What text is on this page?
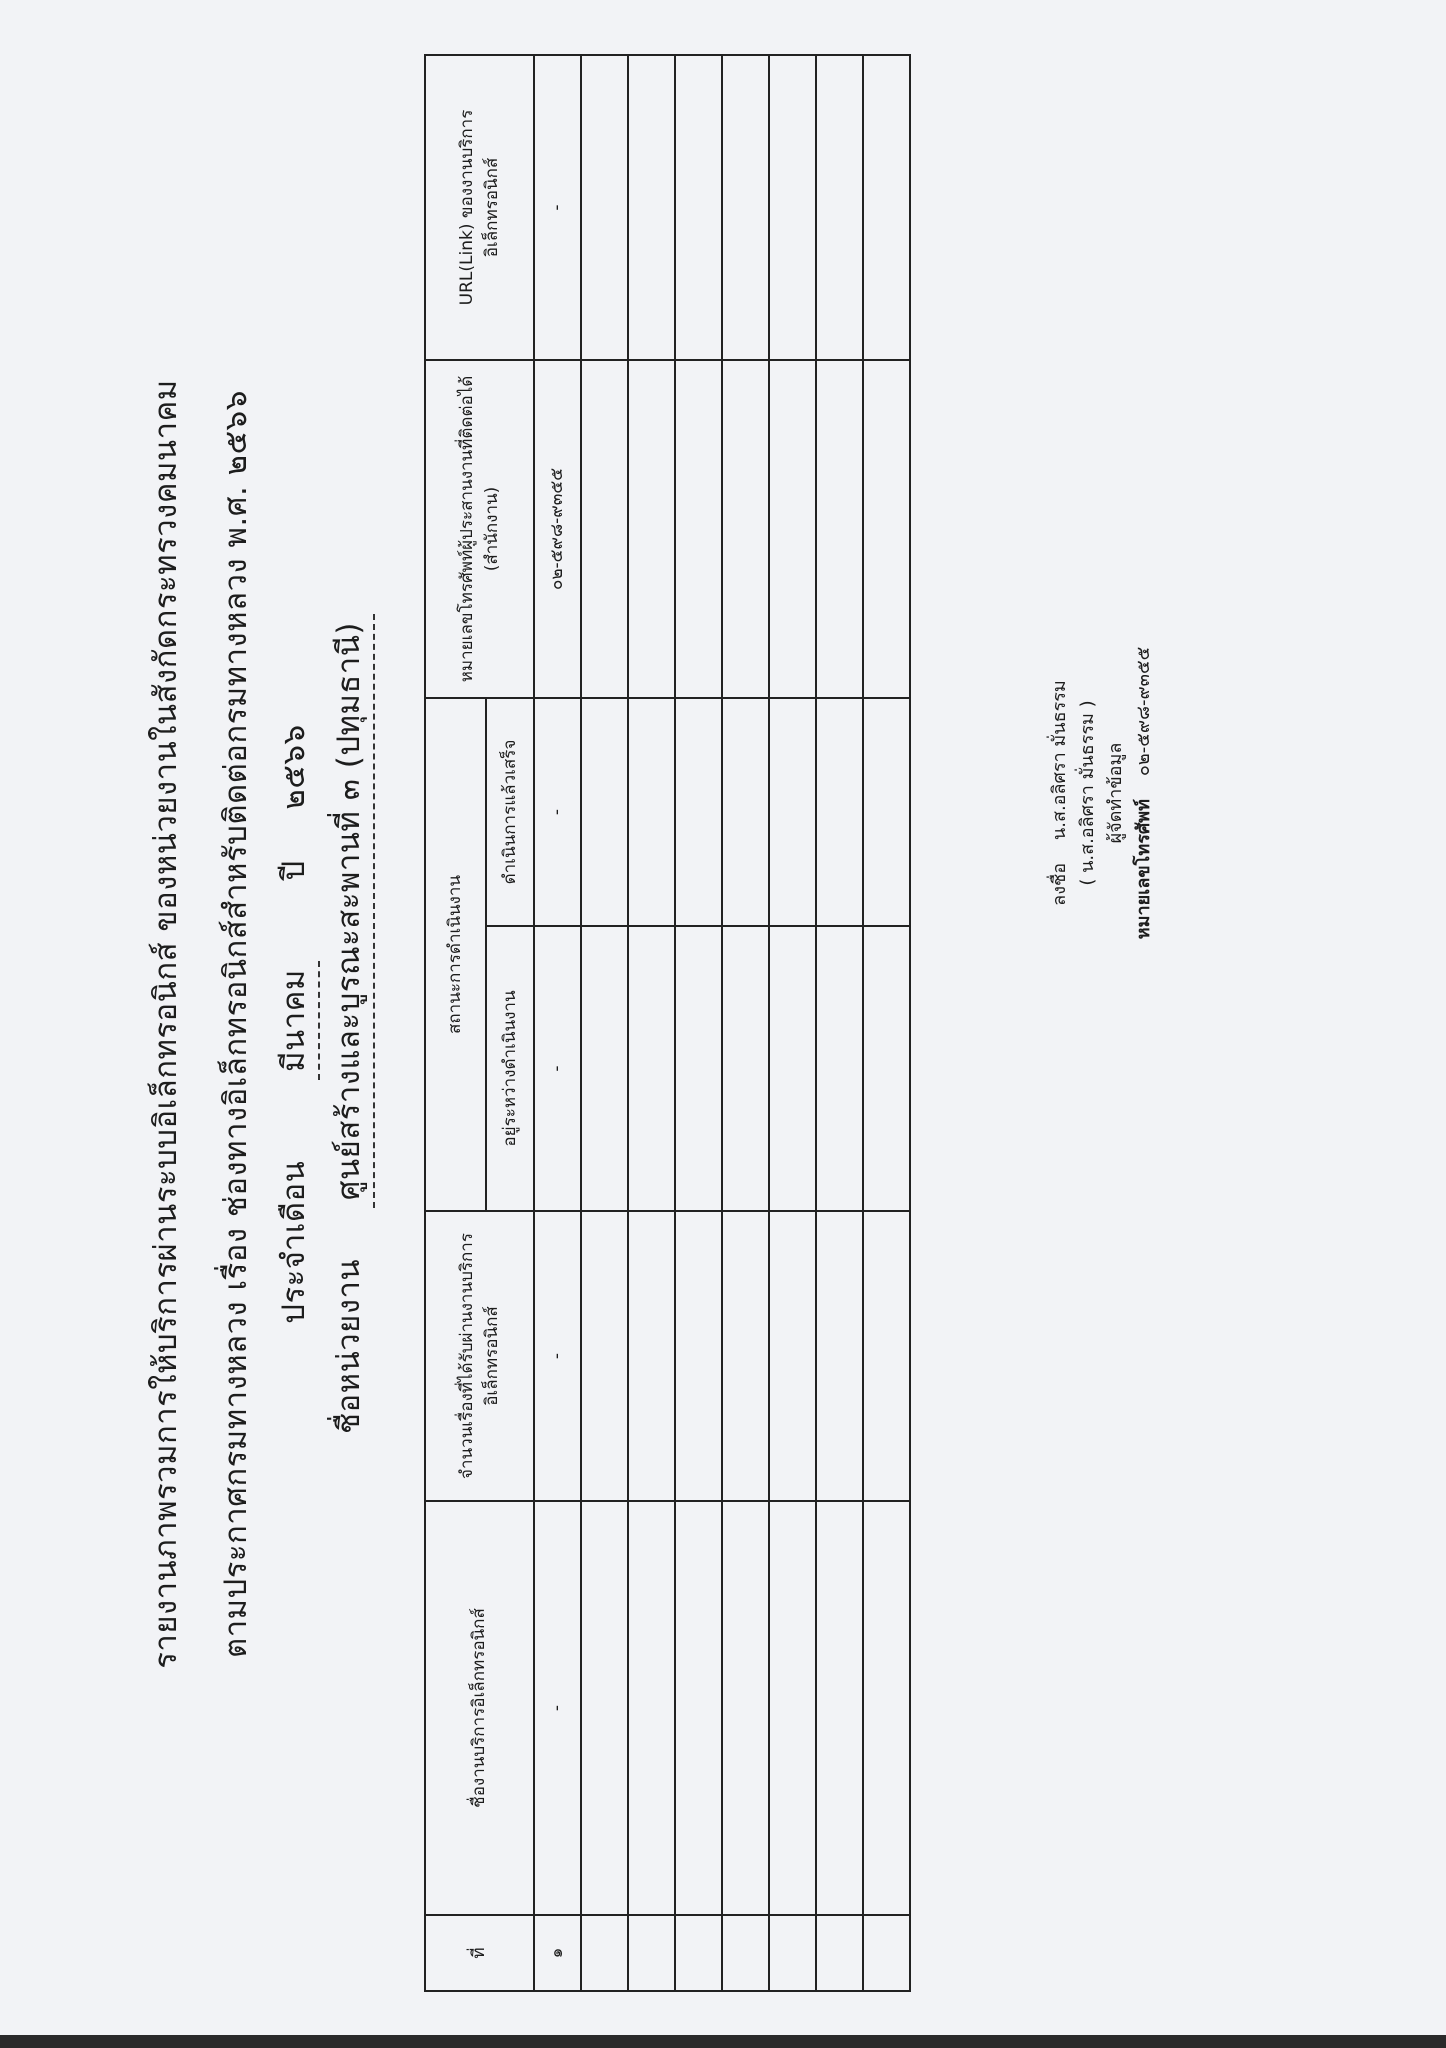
รายงานภาพรวมการให้บริการผ่านระบบอิเล็กทรอนิกส์ ของหน่วยงานในสังกัดกระทรวงคมนาคม ตามประกาศกรมทางหลวง เรื่อง ช่องทางอิเล็กทรอนิกส์สำหรับติดต่อกรมทางหลวง พ.ศ. ๒๕๖๖ ประจำเดือน  มีนาคม  ปี  ๒๕๖๖
ชื่อหน่วยงาน  ศูนย์สร้างและบูรณะสะพานที่ ๓ (ปทุมธานี)
ที่	ชื่องานบริการอิเล็กทรอนิกส์	จำนวนเรื่องที่ได้รับผ่านงานบริการอิเล็กทรอนิกส์	สถานะการดำเนินงาน		หมายเลขโทรศัพท์ผู้ประสานงานที่ติดต่อได้ (สำนักงาน)	URL(Link) ของงานบริการอิเล็กทรอนิกส์
			อยู่ระหว่างดำเนินงาน	ดำเนินการแล้วเสร็จ		
๑	-	-	-	-	๐๒-๕๙๘-๙๓๕๕	-

ลงชื่อ    น.ส.อลิศรา มั่นธรรม ( น.ส.อลิศรา มั่นธรรม ) ผู้จัดทำข้อมูล
หมายเลขโทรศัพท์    ๐๒-๕๙๘-๙๓๕๕
